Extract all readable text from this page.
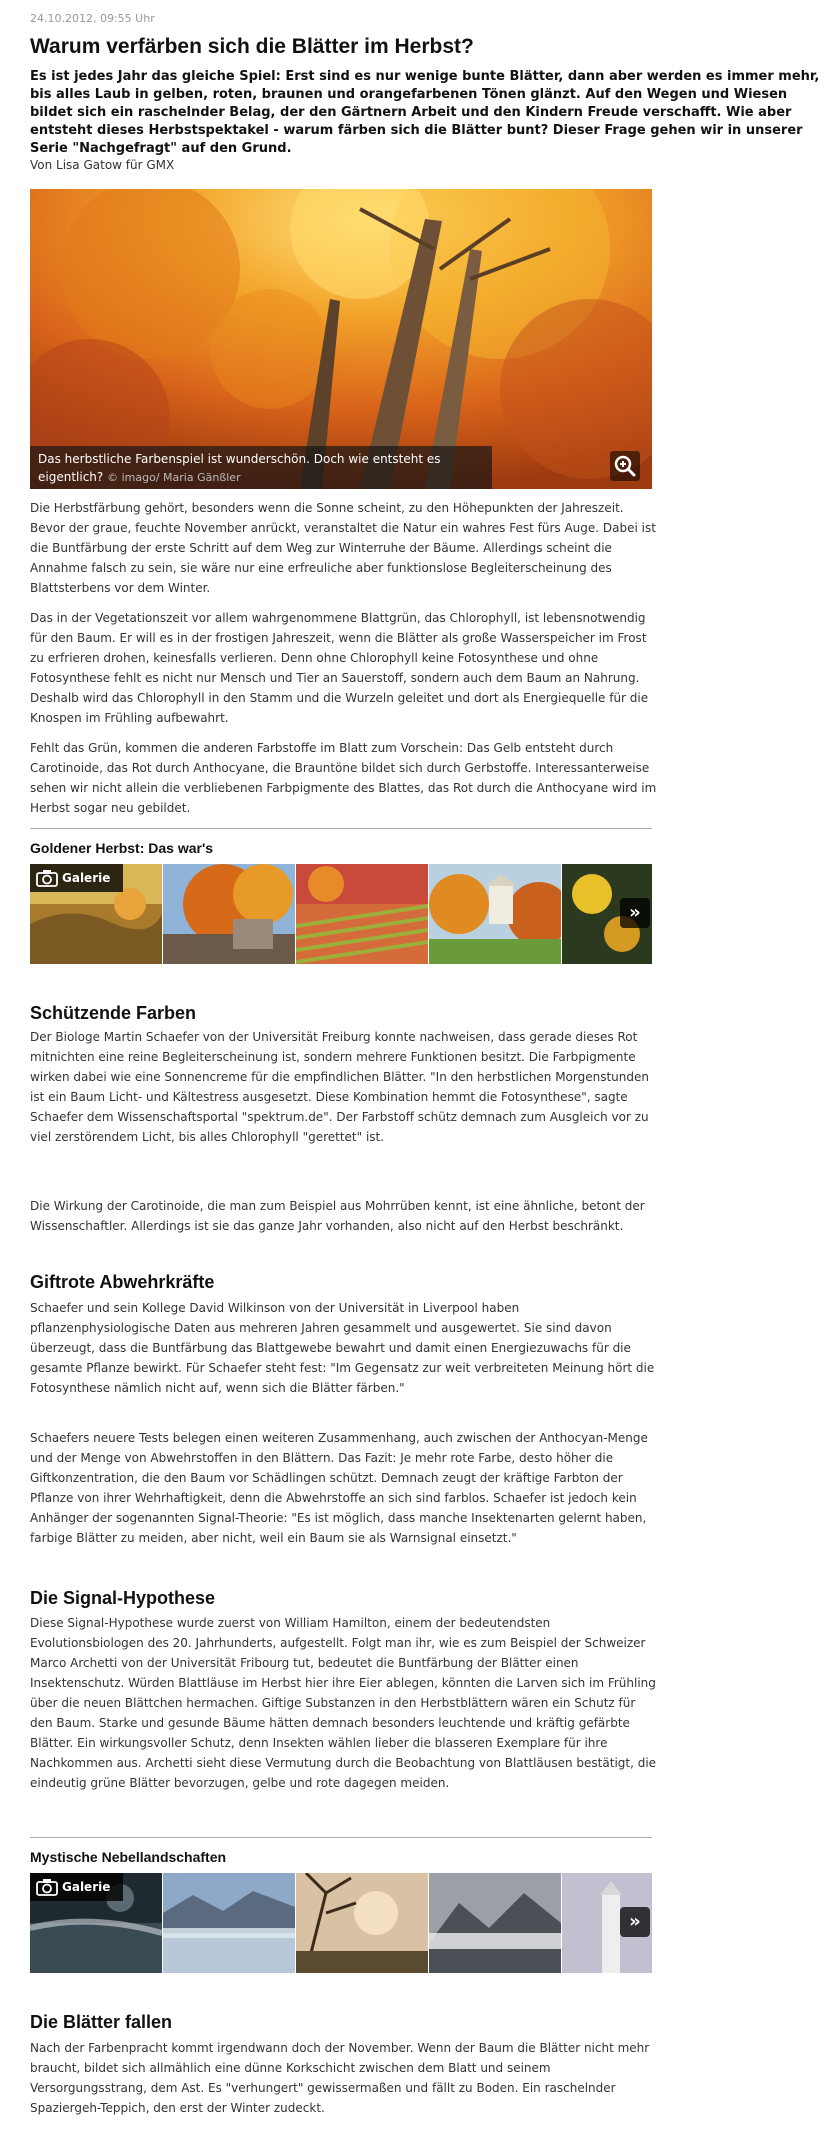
24.10.2012, 09:55 Uhr
Warum verfärben sich die Blätter im Herbst?
Es ist jedes Jahr das gleiche Spiel: Erst sind es nur wenige bunte Blätter, dann aber werden es immer mehr, bis alles Laub in gelben, roten, braunen und orangefarbenen Tönen glänzt. Auf den Wegen und Wiesen bildet sich ein raschelnder Belag, der den Gärtnern Arbeit und den Kindern Freude verschafft. Wie aber entsteht dieses Herbstspektakel - warum färben sich die Blätter bunt? Dieser Frage gehen wir in unserer Serie "Nachgefragt" auf den Grund.
Von Lisa Gatow für GMX
Das herbstliche Farbenspiel ist wunderschön. Doch wie entsteht es eigentlich? © imago/ Maria Gänßler

Die Herbstfärbung gehört, besonders wenn die Sonne scheint, zu den Höhepunkten der Jahreszeit. Bevor der graue, feuchte November anrückt, veranstaltet die Natur ein wahres Fest fürs Auge. Dabei ist die Buntfärbung der erste Schritt auf dem Weg zur Winterruhe der Bäume. Allerdings scheint die Annahme falsch zu sein, sie wäre nur eine erfreuliche aber funktionslose Begleiterscheinung des Blattsterbens vor dem Winter.

Das in der Vegetationszeit vor allem wahrgenommene Blattgrün, das Chlorophyll, ist lebensnotwendig für den Baum. Er will es in der frostigen Jahreszeit, wenn die Blätter als große Wasserspeicher im Frost zu erfrieren drohen, keinesfalls verlieren. Denn ohne Chlorophyll keine Fotosynthese und ohne Fotosynthese fehlt es nicht nur Mensch und Tier an Sauerstoff, sondern auch dem Baum an Nahrung. Deshalb wird das Chlorophyll in den Stamm und die Wurzeln geleitet und dort als Energiequelle für die Knospen im Frühling aufbewahrt.

Fehlt das Grün, kommen die anderen Farbstoffe im Blatt zum Vorschein: Das Gelb entsteht durch Carotinoide, das Rot durch Anthocyane, die Brauntöne bildet sich durch Gerbstoffe. Interessanterweise sehen wir nicht allein die verbliebenen Farbpigmente des Blattes, das Rot durch die Anthocyane wird im Herbst sogar neu gebildet.

Goldener Herbst: Das war's
Galerie
»
Schützende Farben

Der Biologe Martin Schaefer von der Universität Freiburg konnte nachweisen, dass gerade dieses Rot mitnichten eine reine Begleiterscheinung ist, sondern mehrere Funktionen besitzt. Die Farbpigmente wirken dabei wie eine Sonnencreme für die empfindlichen Blätter. "In den herbstlichen Morgenstunden ist ein Baum Licht- und Kältestress ausgesetzt. Diese Kombination hemmt die Fotosynthese", sagte Schaefer dem Wissenschaftsportal "spektrum.de". Der Farbstoff schütz demnach zum Ausgleich vor zu viel zerstörendem Licht, bis alles Chlorophyll "gerettet" ist.

Die Wirkung der Carotinoide, die man zum Beispiel aus Mohrrüben kennt, ist eine ähnliche, betont der Wissenschaftler. Allerdings ist sie das ganze Jahr vorhanden, also nicht auf den Herbst beschränkt.

Giftrote Abwehrkräfte

Schaefer und sein Kollege David Wilkinson von der Universität in Liverpool haben pflanzenphysiologische Daten aus mehreren Jahren gesammelt und ausgewertet. Sie sind davon überzeugt, dass die Buntfärbung das Blattgewebe bewahrt und damit einen Energiezuwachs für die gesamte Pflanze bewirkt. Für Schaefer steht fest: "Im Gegensatz zur weit verbreiteten Meinung hört die Fotosynthese nämlich nicht auf, wenn sich die Blätter färben."

Schaefers neuere Tests belegen einen weiteren Zusammenhang, auch zwischen der Anthocyan-Menge und der Menge von Abwehrstoffen in den Blättern. Das Fazit: Je mehr rote Farbe, desto höher die Giftkonzentration, die den Baum vor Schädlingen schützt. Demnach zeugt der kräftige Farbton der Pflanze von ihrer Wehrhaftigkeit, denn die Abwehrstoffe an sich sind farblos. Schaefer ist jedoch kein Anhänger der sogenannten Signal-Theorie: "Es ist möglich, dass manche Insektenarten gelernt haben, farbige Blätter zu meiden, aber nicht, weil ein Baum sie als Warnsignal einsetzt."

Die Signal-Hypothese

Diese Signal-Hypothese wurde zuerst von William Hamilton, einem der bedeutendsten Evolutionsbiologen des 20. Jahrhunderts, aufgestellt. Folgt man ihr, wie es zum Beispiel der Schweizer Marco Archetti von der Universität Fribourg tut, bedeutet die Buntfärbung der Blätter einen Insektenschutz. Würden Blattläuse im Herbst hier ihre Eier ablegen, könnten die Larven sich im Frühling über die neuen Blättchen hermachen. Giftige Substanzen in den Herbstblättern wären ein Schutz für den Baum. Starke und gesunde Bäume hätten demnach besonders leuchtende und kräftig gefärbte Blätter. Ein wirkungsvoller Schutz, denn Insekten wählen lieber die blasseren Exemplare für ihre Nachkommen aus. Archetti sieht diese Vermutung durch die Beobachtung von Blattläusen bestätigt, die eindeutig grüne Blätter bevorzugen, gelbe und rote dagegen meiden.

Mystische Nebellandschaften
Galerie
»
Die Blätter fallen

Nach der Farbenpracht kommt irgendwann doch der November. Wenn der Baum die Blätter nicht mehr braucht, bildet sich allmählich eine dünne Korkschicht zwischen dem Blatt und seinem Versorgungsstrang, dem Ast. Es "verhungert" gewissermaßen und fällt zu Boden. Ein raschelnder Spaziergeh-Teppich, den erst der Winter zudeckt.
